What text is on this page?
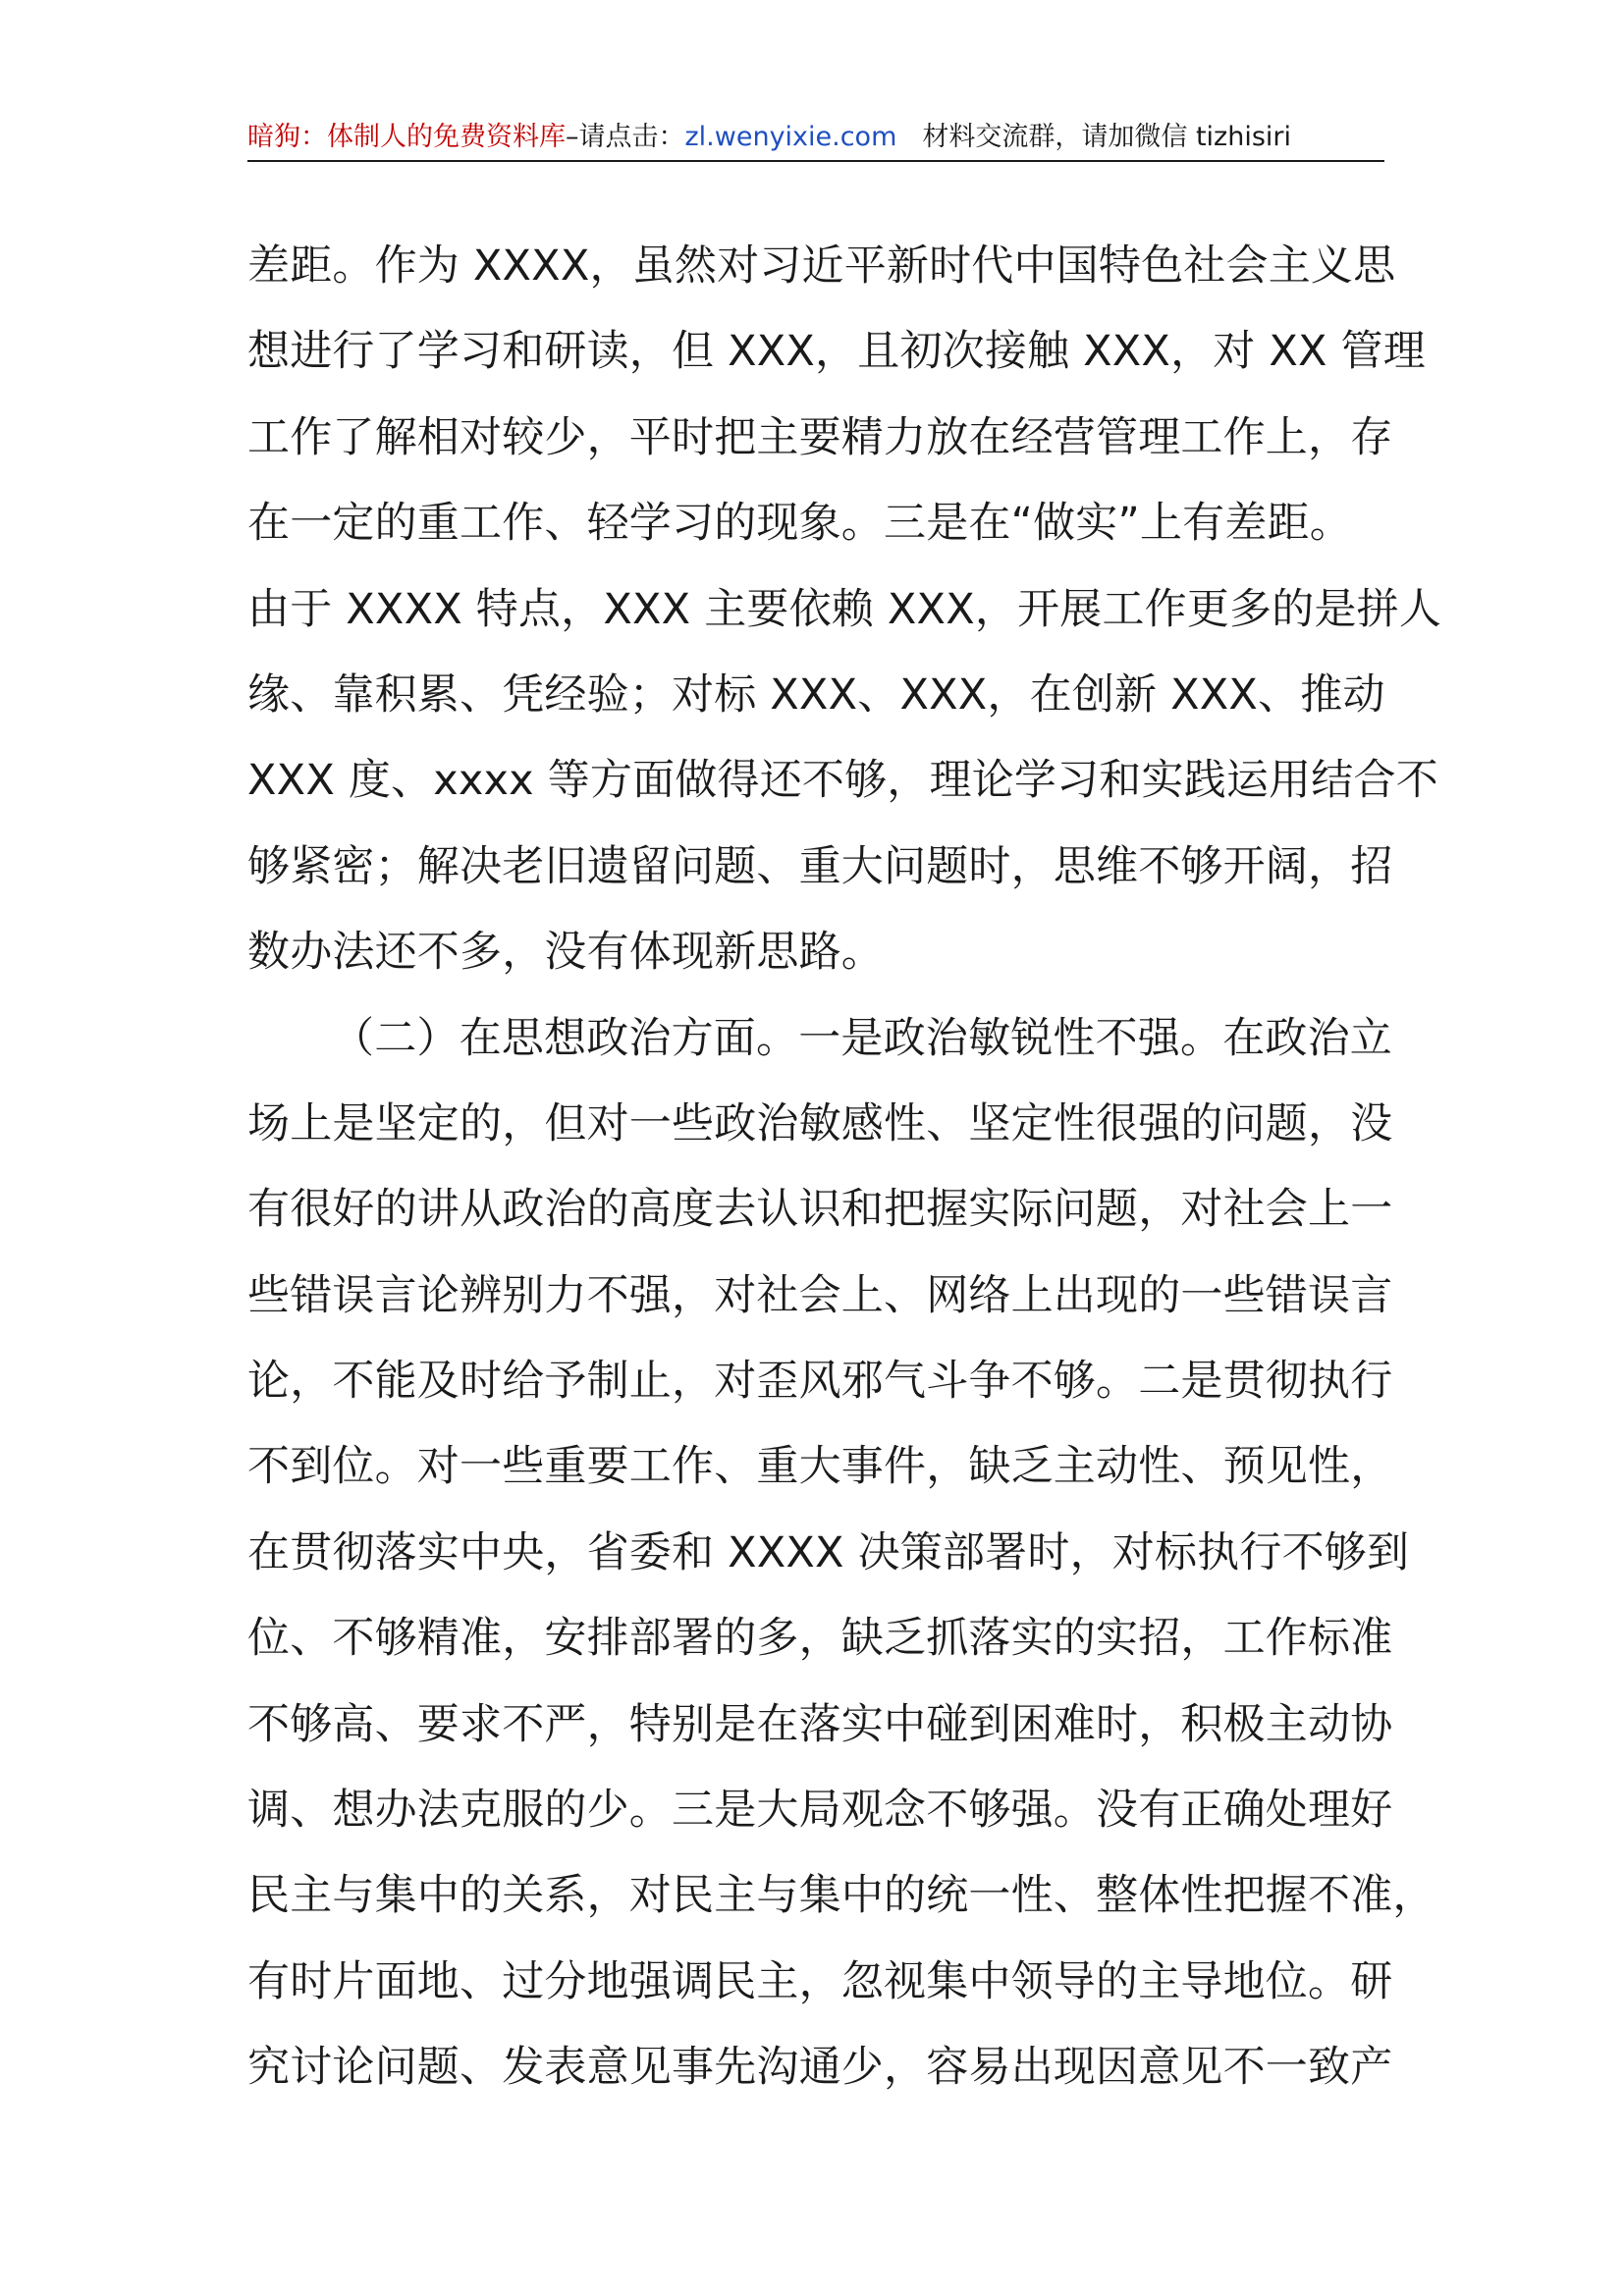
暗狗：体制人的免费资料库–请点击：zl.wenyixie.com 材料交流群，请加微信 tizhisiri
差距。作为 XXXX，虽然对习近平新时代中国特色社会主义思
想进行了学习和研读，但 XXX，且初次接触 XXX，对 XX 管理
工作了解相对较少，平时把主要精力放在经营管理工作上，存
在一定的重工作、轻学习的现象。三是在“做实”上有差距。
由于 XXXX 特点，XXX 主要依赖 XXX，开展工作更多的是拼人
缘、靠积累、凭经验；对标 XXX、XXX，在创新 XXX、推动
XXX 度、xxxx 等方面做得还不够，理论学习和实践运用结合不
够紧密；解决老旧遗留问题、重大问题时，思维不够开阔，招
数办法还不多，没有体现新思路。
（二）在思想政治方面。一是政治敏锐性不强。在政治立
场上是坚定的，但对一些政治敏感性、坚定性很强的问题，没
有很好的讲从政治的高度去认识和把握实际问题，对社会上一
些错误言论辨别力不强，对社会上、网络上出现的一些错误言
论，不能及时给予制止，对歪风邪气斗争不够。二是贯彻执行
不到位。对一些重要工作、重大事件，缺乏主动性、预见性，
在贯彻落实中央，省委和 XXXX 决策部署时，对标执行不够到
位、不够精准，安排部署的多，缺乏抓落实的实招，工作标准
不够高、要求不严，特别是在落实中碰到困难时，积极主动协
调、想办法克服的少。三是大局观念不够强。没有正确处理好
民主与集中的关系，对民主与集中的统一性、整体性把握不准，
有时片面地、过分地强调民主，忽视集中领导的主导地位。研
究讨论问题、发表意见事先沟通少，容易出现因意见不一致产
